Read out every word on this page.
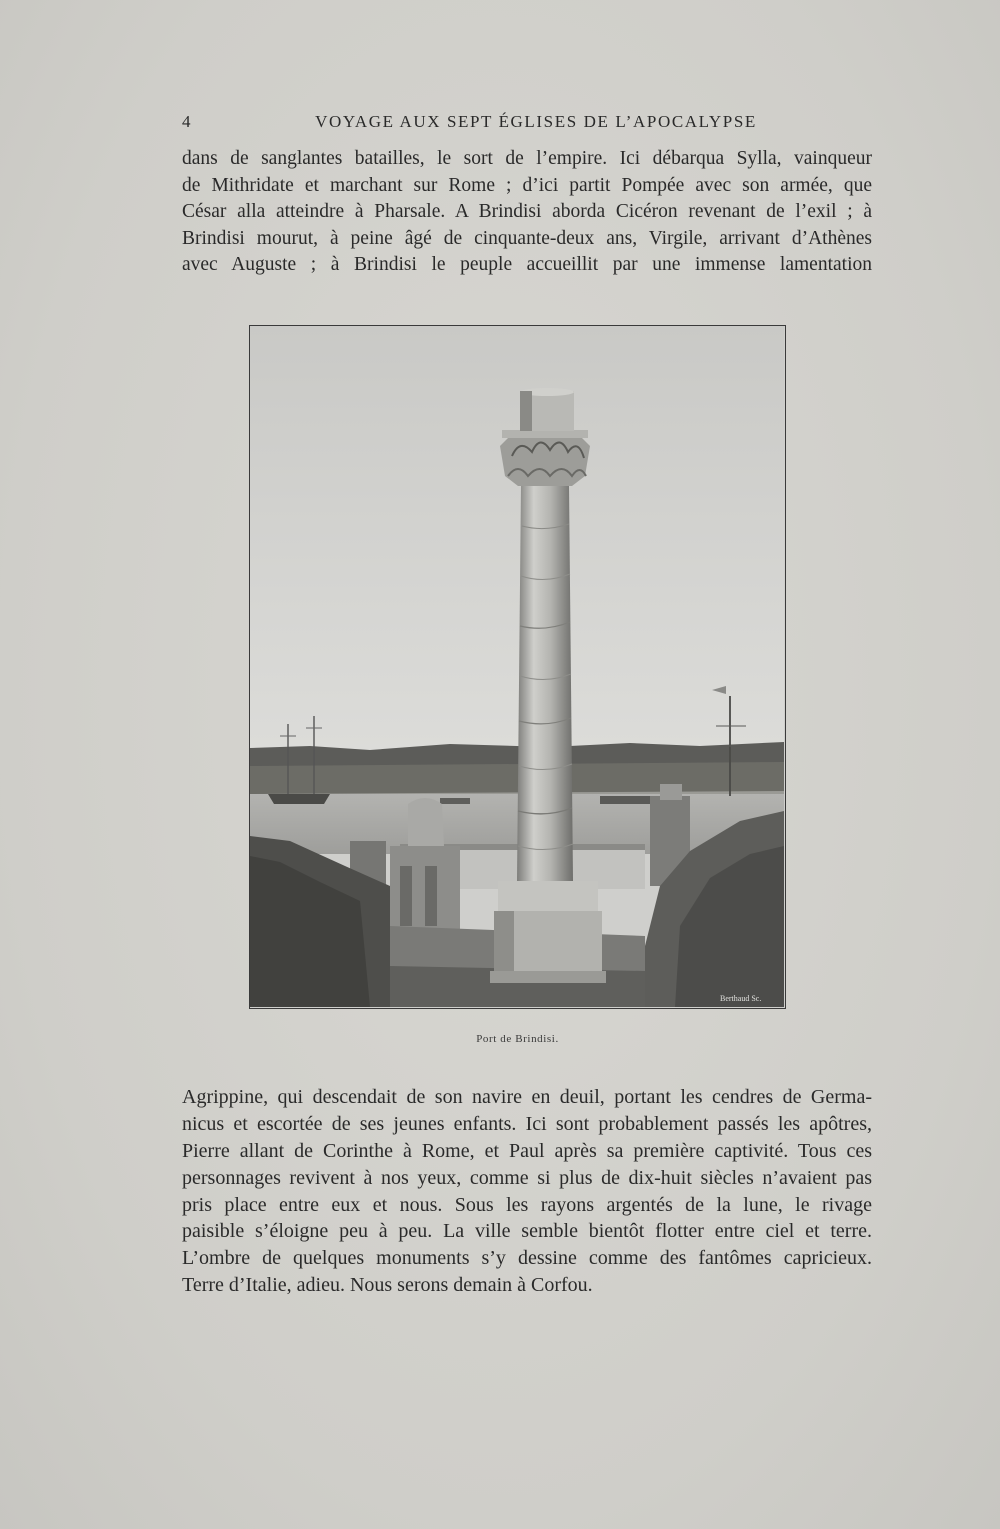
4	VOYAGE AUX SEPT ÉGLISES DE L’APOCALYPSE

dans de sanglantes batailles, le sort de l’empire. Ici débarqua Sylla, vainqueur
de Mithridate et marchant sur Rome ; d’ici partit Pompée avec son armée, que
César alla atteindre à Pharsale. A Brindisi aborda Cicéron revenant de l’exil ; à
Brindisi mourut, à peine âgé de cinquante-deux ans, Virgile, arrivant d’Athènes
avec Auguste ; à Brindisi le peuple accueillit par une immense lamentation

Berthaud Sc.
Port de Brindisi.

Agrippine, qui descendait de son navire en deuil, portant les cendres de Germa-
nicus et escortée de ses jeunes enfants. Ici sont probablement passés les apôtres,
Pierre allant de Corinthe à Rome, et Paul après sa première captivité. Tous ces
personnages revivent à nos yeux, comme si plus de dix-huit siècles n’avaient pas
pris place entre eux et nous. Sous les rayons argentés de la lune, le rivage
paisible s’éloigne peu à peu. La ville semble bientôt flotter entre ciel et terre.
L’ombre de quelques monuments s’y dessine comme des fantômes capricieux.
Terre d’Italie, adieu. Nous serons demain à Corfou.
